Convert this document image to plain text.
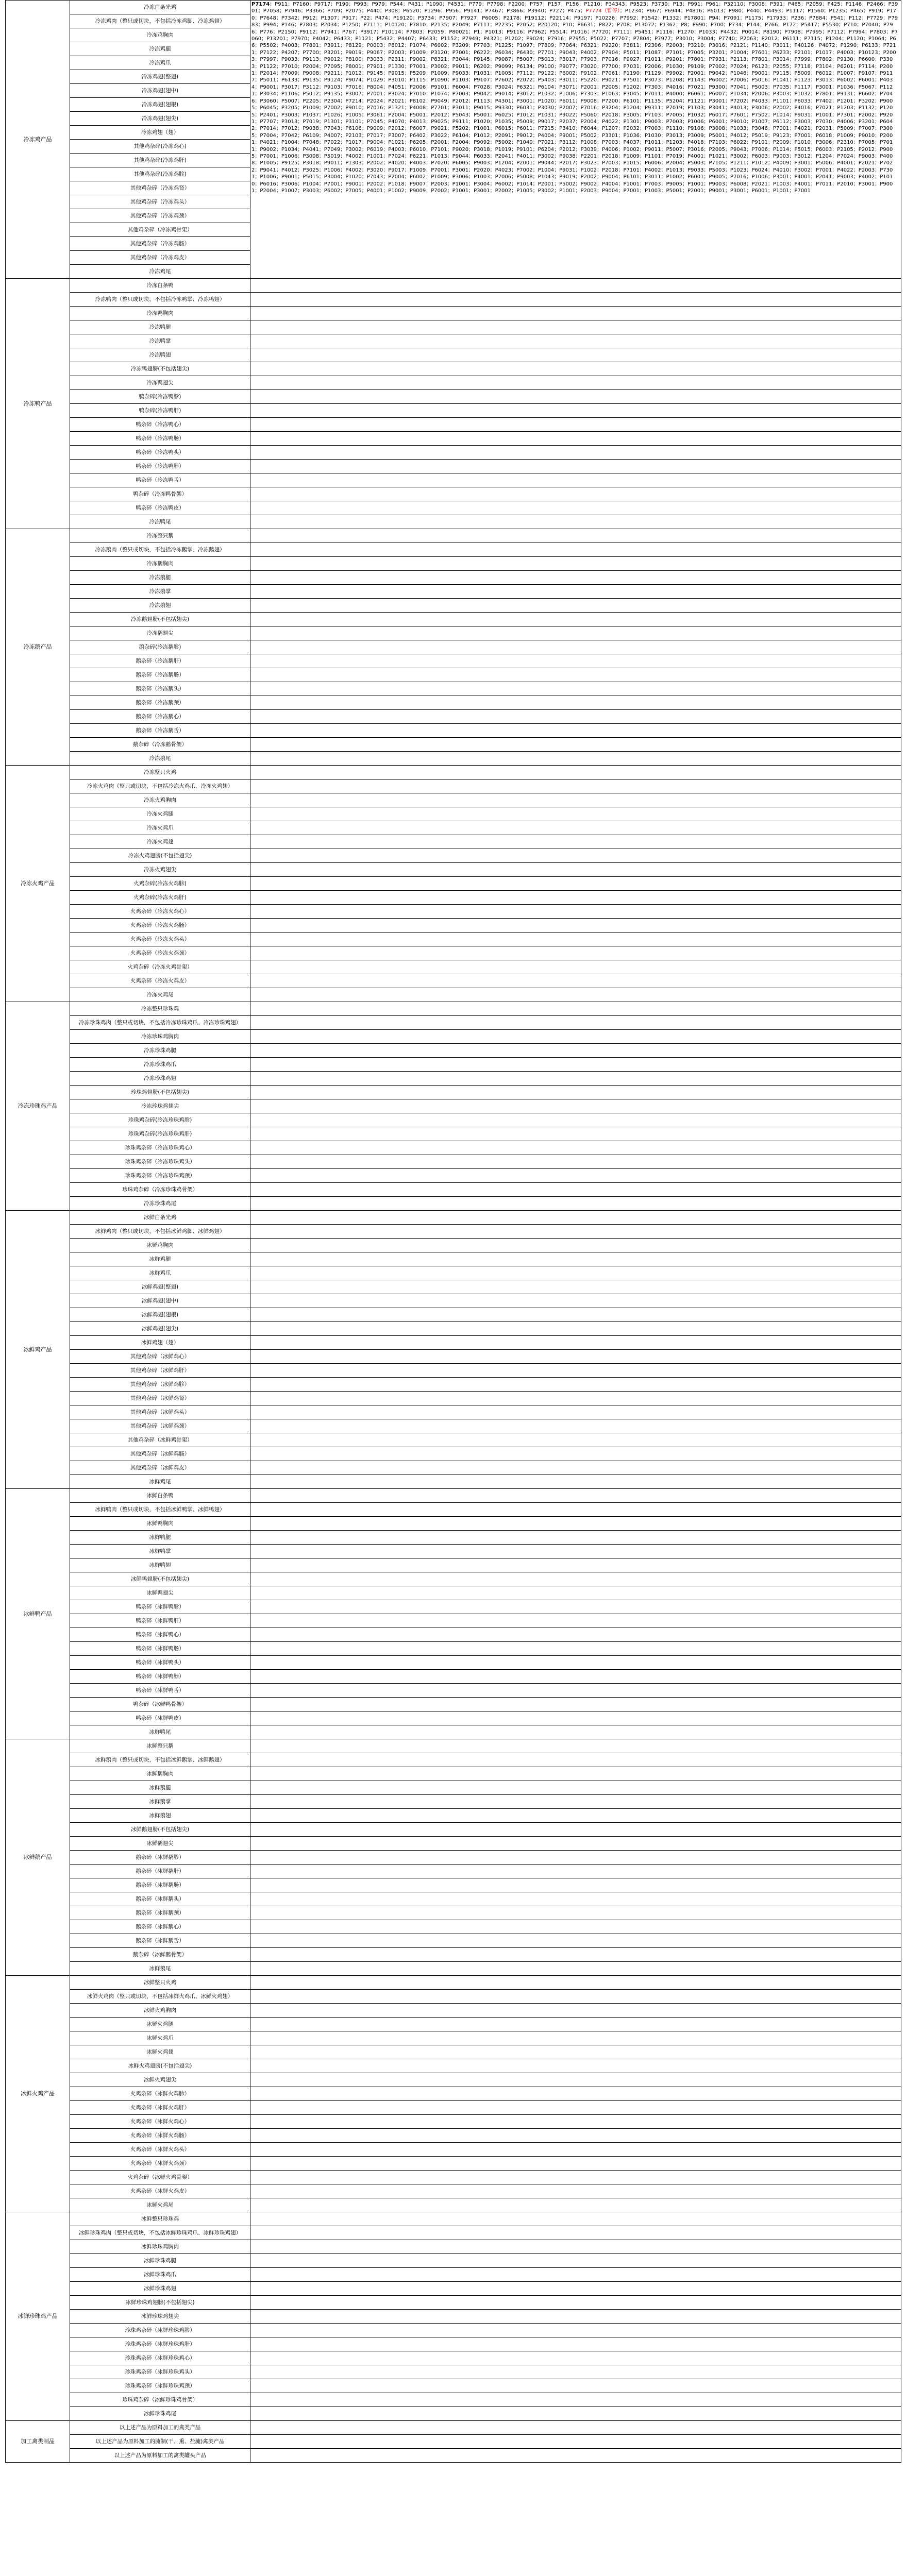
冷冻鸡产品	冷冻白条光鸡	P7174：P911；P7160；P9717；P190；P993；P979；P544；P431；P1090；P4531；P779；P7798；P2200；P757；P157；P156；P1210；P34343；P9523；P3730；P13；P991；P961；P32110；P3008；P391；P465；P2059；P425；P1146；P2466；P3901；P7058；P7946；P3366；P709；P2075；P440；P308；P6520；P1296；P956；P9141；P7467；P3866；P3940；P727；P475；P7774（暂停）；P1234；P667；P6944；P4816；P6013；P980；P440；P4493；P1117；P1560；P1235；P465；P919；P170；P7648；P7342；P912；P1307；P917；P22；P474；P19120；P3734；P7907；P7927；P6005；P2178；P19112；P22114；P9197；P10226；P7992；P1542；P1332；P17801；P94；P7091；P1175；P17933；P236；P7884；P541；P112；P7729；P7983；P994；P146；P7803；P2034；P1250；P7111；P10120；P7810；P2135；P2049；P7111；P2235；P2052；P20120；P10；P6631；P822；P708；P13072；P1362；P8；P990；P700；P734；P144；P766；P172；P5417；P5530；P710；P7040；P796；P776；P2150；P9112；P7941；P767；P3917；P10114；P7803；P2059；P80021；P1；P1013；P9116；P7962；P5514；P1016；P7720；P7111；P5451；P1116；P1270；P1033；P4432；P0014；P8190；P7908；P7995；P7112；P7994；P7803；P7060；P13201；P7970；P4042；P6433；P1121；P5432；P4407；P6433；P1152；P7949；P4321；P1202；P9024；P7916；P7955；P5022；P7707；P7804；P7977；P3010；P3004；P7740；P2063；P2012；P6111；P7115；P1204；P1120；P1064；P66；P5502；P4003；P7801；P3911；P8129；P0003；P8012；P1074；P6002；P3209；P7703；P1225；P1097；P7809；P7064；P6321；P9220；P3811；P2306；P2003；P3210；P3016；P2121；P1140；P3011；P40126；P4072；P1290；P6133；P7211；P7122；P4207；P7700；P3201；P9019；P9067；P2003；P1009；P3120；P7001；P6222；P6034；P6430；P7701；P9043；P4002；P7904；P5011；P1087；P7101；P7005；P3201；P1004；P7601；P6233；P2101；P1017；P4003；P10123；P2003；P7997；P9033；P9113；P9012；P8100；P3033；P2311；P9002；P8321；P3044；P9145；P9087；P5007；P5013；P3017；P7903；P7016；P9027；P1011；P9201；P7801；P7931；P2113；P7801；P3014；P7999；P7802；P9130；P6600；P3303；P1122；P7010；P2004；P7095；P8001；P7901；P1330；P7001；P3002；P9011；P6202；P9099；P6134；P9100；P9077；P3020；P7700；P7031；P2006；P1030；P9109；P7002；P7024；P6123；P2055；P7118；P3104；P6201；P7114；P2001；P2014；P7009；P9008；P9211；P1012；P9145；P9015；P5209；P1009；P9033；P1031；P1005；P7112；P9122；P6002；P9102；P7061；P1190；P1129；P9902；P2001；P9042；P1046；P9001；P9115；P5009；P6012；P1007；P9107；P9117；P5011；P6133；P9135；P9124；P9074；P1029；P3010；P1115；P1090；P1103；P9107；P7602；P2072；P5403；P3011；P5220；P9021；P7501；P3073；P1208；P1143；P6002；P7006；P5016；P1041；P1123；P3013；P6002；P6001；P4034；P9001；P3017；P3112；P9103；P7016；P8004；P4051；P2006；P9101；P6004；P7028；P3024；P6321；P6104；P3071；P2001；P2005；P1202；P7303；P4016；P7021；P9300；P7041；P5003；P7035；P1117；P3001；P1036；P5067；P1121；P3034；P1106；P5012；P9135；P3007；P7001；P3024；P7010；P1074；P7003；P9042；P9014；P3012；P1032；P1006；P7303；P1063；P3045；P7011；P4000；P6061；P6007；P1034；P2006；P3003；P1032；P7801；P9131；P6602；P7046；P3060；P5007；P2205；P2304；P7214；P2024；P2021；P8102；P9049；P2012；P1113；P4301；P3001；P1020；P6011；P9008；P7200；P6101；P1135；P5204；P1121；P3001；P7202；P4033；P1101；P6033；P7402；P1201；P3202；P9005；P6045；P3205；P1009；P7002；P9010；P7016；P1321；P4008；P7701；P3011；P9015；P9330；P6031；P3030；P2007；P7016；P3204；P1204；P9311；P7019；P1103；P3041；P4013；P3006；P2002；P4016；P7021；P1203；P1132；P1205；P2401；P3003；P1037；P1026；P1005；P3061；P2004；P5001；P2012；P5043；P5001；P6025；P1012；P1031；P9022；P5060；P2018；P3005；P7103；P7005；P1032；P6017；P7601；P7502；P1014；P9031；P1001；P7301；P2002；P9201；P7707；P3013；P7019；P1301；P3101；P7045；P4070；P4013；P9025；P9111；P1020；P1035；P5009；P9017；P2037；P2004；P4022；P1301；P9003；P7003；P1006；P6001；P9010；P1007；P6112；P3003；P7030；P4006；P3201；P6042；P7014；P7012；P9038；P7043；P6106；P9009；P2012；P6007；P9021；P5202；P1001；P6015；P6011；P7215；P3410；P6044；P1207；P2032；P7003；P1110；P9106；P3008；P1033；P3046；P7001；P4021；P2031；P5009；P7007；P3005；P7004；P7042；P6109；P4007；P2103；P7017；P3007；P6402；P3022；P6104；P1012；P2091；P9012；P4004；P9001；P5002；P3301；P1036；P1030；P3013；P3009；P5001；P4012；P5019；P9123；P7001；P6018；P1009；P9010；P2001；P4021；P1004；P7048；P7022；P1017；P9004；P1021；P6205；P2001；P2004；P9092；P5002；P1040；P7021；P3112；P1008；P7003；P4037；P1011；P1203；P4018；P7103；P6022；P9101；P2009；P1010；P3006；P2310；P7005；P7011；P9002；P1034；P4041；P7049；P3002；P6019；P4003；P6010；P7101；P9020；P3018；P1019；P9101；P6204；P2012；P3039；P4006；P1002；P9011；P5007；P3016；P2005；P9043；P7006；P1014；P5015；P6003；P2105；P2012；P9005；P7001；P1006；P3008；P5019；P4002；P1001；P7024；P6221；P1013；P9044；P6033；P2041；P4011；P3002；P9038；P2201；P2018；P1009；P1101；P7019；P4001；P1021；P3002；P6003；P9003；P3012；P1204；P7024；P9003；P4008；P1005；P9125；P3018；P9011；P1303；P2002；P4020；P4003；P7020；P6005；P9003；P1204；P2001；P9044；P2017；P3023；P7003；P1015；P6006；P2004；P5003；P7105；P1211；P1012；P4009；P3001；P5006；P4001；P2021；P7022；P9041；P4012；P3025；P1006；P4002；P3020；P9017；P1009；P7001；P3001；P2020；P4023；P7002；P1004；P9031；P1002；P2018；P7101；P4002；P1013；P9033；P5003；P1023；P6024；P4010；P3002；P7001；P4022；P2003；P7301；P1006；P9001；P5015；P3004；P1020；P7043；P2004；P6002；P1009；P3006；P1003；P7006；P5008；P1043；P9019；P2002；P9004；P6101；P3011；P1002；P6001；P9005；P7016；P1006；P3001；P4001；P2041；P9003；P4002；P1010；P6016；P3006；P1004；P7001；P9001；P2002；P1018；P9007；P2003；P1001；P3004；P6002；P1014；P2001；P5002；P9002；P4004；P1001；P7003；P9005；P1001；P9003；P6008；P2021；P1003；P4001；P7011；P2010；P3001；P9001；P2004；P1007；P3003；P6002；P7005；P4001；P1002；P9009；P7002；P1001；P3001；P2002；P1005；P3002；P1001；P2003；P9004；P7001；P1003；P5001；P2001；P9001；P3001；P6001；P1001；P7001
	冷冻鸡肉（整只或切块，不包括冷冻鸡脚、冷冻鸡翅）	
	冷冻鸡胸肉	
	冷冻鸡腿	
	冷冻鸡爪	
	冷冻鸡翅(整翅)	
	冷冻鸡翅(翅中)	
	冷冻鸡翅(翅根)	
	冷冻鸡翅(翅尖)	
	冷冻鸡翅（翅）	
	其他鸡杂碎(冷冻鸡心)	
	其他鸡杂碎(冷冻鸡肝)	
	其他鸡杂碎(冷冻鸡胗)	
	其他鸡杂碎（冷冻鸡肾）	
	其他鸡杂碎（冷冻鸡头）	
	其他鸡杂碎（冷冻鸡颈）	
	其他鸡杂碎（冷冻鸡骨架）	
	其他鸡杂碎（冷冻鸡肠）	
	其他鸡杂碎（冷冻鸡皮）	
	冷冻鸡尾	
冷冻鸭产品	冷冻白条鸭	
	冷冻鸭肉（整只或切块，不包括冷冻鸭掌、冷冻鸭翅）	
	冷冻鸭胸肉	
	冷冻鸭腿	
	冷冻鸭掌	
	冷冻鸭翅	
	冷冻鸭翅膀(不包括翅尖)	
	冷冻鸭翅尖	
	鸭杂碎(冷冻鸭胗)	
	鸭杂碎(冷冻鸭肝)	
	鸭杂碎（冷冻鸭心）	
	鸭杂碎（冷冻鸭肠）	
	鸭杂碎（冷冻鸭头）	
	鸭杂碎（冷冻鸭脖）	
	鸭杂碎（冷冻鸭舌）	
	鸭杂碎（冷冻鸭骨架）	
	鸭杂碎（冷冻鸭皮）	
	冷冻鸭尾	
冷冻鹅产品	冷冻整只鹅	
	冷冻鹅肉（整只或切块，不包括冷冻鹅掌、冷冻鹅翅）	
	冷冻鹅胸肉	
	冷冻鹅腿	
	冷冻鹅掌	
	冷冻鹅翅	
	冷冻鹅翅膀(不包括翅尖)	
	冷冻鹅翅尖	
	鹅杂碎(冷冻鹅胗)	
	鹅杂碎（冷冻鹅肝）	
	鹅杂碎（冷冻鹅肠）	
	鹅杂碎（冷冻鹅头）	
	鹅杂碎（冷冻鹅颈）	
	鹅杂碎（冷冻鹅心）	
	鹅杂碎（冷冻鹅舌）	
	鹅杂碎（冷冻鹅骨架）	
	冷冻鹅尾	
冷冻火鸡产品	冷冻整只火鸡	
	冷冻火鸡肉（整只或切块，不包括冷冻火鸡爪、冷冻火鸡翅）	
	冷冻火鸡胸肉	
	冷冻火鸡腿	
	冷冻火鸡爪	
	冷冻火鸡翅	
	冷冻火鸡翅膀(不包括翅尖)	
	冷冻火鸡翅尖	
	火鸡杂碎(冷冻火鸡胗)	
	火鸡杂碎(冷冻火鸡肝)	
	火鸡杂碎（冷冻火鸡心）	
	火鸡杂碎（冷冻火鸡肠）	
	火鸡杂碎（冷冻火鸡头）	
	火鸡杂碎（冷冻火鸡颈）	
	火鸡杂碎（冷冻火鸡骨架）	
	火鸡杂碎（冷冻火鸡皮）	
	冷冻火鸡尾	
冷冻珍珠鸡产品	冷冻整只珍珠鸡	
	冷冻珍珠鸡肉（整只或切块，不包括冷冻珍珠鸡爪、冷冻珍珠鸡翅）	
	冷冻珍珠鸡胸肉	
	冷冻珍珠鸡腿	
	冷冻珍珠鸡爪	
	冷冻珍珠鸡翅	
	珍珠鸡翅膀(不包括翅尖)	
	冷冻珍珠鸡翅尖	
	珍珠鸡杂碎(冷冻珍珠鸡胗)	
	珍珠鸡杂碎(冷冻珍珠鸡肝)	
	珍珠鸡杂碎（冷冻珍珠鸡心）	
	珍珠鸡杂碎（冷冻珍珠鸡头）	
	珍珠鸡杂碎（冷冻珍珠鸡颈）	
	珍珠鸡杂碎（冷冻珍珠鸡骨架）	
	冷冻珍珠鸡尾	
冰鲜鸡产品	冰鲜白条光鸡	
	冰鲜鸡肉（整只或切块，不包括冰鲜鸡脚、冰鲜鸡翅）	
	冰鲜鸡胸肉	
	冰鲜鸡腿	
	冰鲜鸡爪	
	冰鲜鸡翅(整翅)	
	冰鲜鸡翅(翅中)	
	冰鲜鸡翅(翅根)	
	冰鲜鸡翅(翅尖)	
	冰鲜鸡翅（翅）	
	其他鸡杂碎（冰鲜鸡心）	
	其他鸡杂碎（冰鲜鸡肝）	
	其他鸡杂碎（冰鲜鸡胗）	
	其他鸡杂碎（冰鲜鸡肾）	
	其他鸡杂碎（冰鲜鸡头）	
	其他鸡杂碎（冰鲜鸡颈）	
	其他鸡杂碎（冰鲜鸡骨架）	
	其他鸡杂碎（冰鲜鸡肠）	
	其他鸡杂碎（冰鲜鸡皮）	
	冰鲜鸡尾	
冰鲜鸭产品	冰鲜白条鸭	
	冰鲜鸭肉（整只或切块，不包括冰鲜鸭掌、冰鲜鸭翅）	
	冰鲜鸭胸肉	
	冰鲜鸭腿	
	冰鲜鸭掌	
	冰鲜鸭翅	
	冰鲜鸭翅膀(不包括翅尖)	
	冰鲜鸭翅尖	
	鸭杂碎（冰鲜鸭胗）	
	鸭杂碎（冰鲜鸭肝）	
	鸭杂碎（冰鲜鸭心）	
	鸭杂碎（冰鲜鸭肠）	
	鸭杂碎（冰鲜鸭头）	
	鸭杂碎（冰鲜鸭脖）	
	鸭杂碎（冰鲜鸭舌）	
	鸭杂碎（冰鲜鸭骨架）	
	鸭杂碎（冰鲜鸭皮）	
	冰鲜鸭尾	
冰鲜鹅产品	冰鲜整只鹅	
	冰鲜鹅肉（整只或切块，不包括冰鲜鹅掌、冰鲜鹅翅）	
	冰鲜鹅胸肉	
	冰鲜鹅腿	
	冰鲜鹅掌	
	冰鲜鹅翅	
	冰鲜鹅翅膀(不包括翅尖)	
	冰鲜鹅翅尖	
	鹅杂碎（冰鲜鹅胗）	
	鹅杂碎（冰鲜鹅肝）	
	鹅杂碎（冰鲜鹅肠）	
	鹅杂碎（冰鲜鹅头）	
	鹅杂碎（冰鲜鹅颈）	
	鹅杂碎（冰鲜鹅心）	
	鹅杂碎（冰鲜鹅舌）	
	鹅杂碎（冰鲜鹅骨架）	
	冰鲜鹅尾	
冰鲜火鸡产品	冰鲜整只火鸡	
	冰鲜火鸡肉（整只或切块，不包括冰鲜火鸡爪、冰鲜火鸡翅）	
	冰鲜火鸡胸肉	
	冰鲜火鸡腿	
	冰鲜火鸡爪	
	冰鲜火鸡翅	
	冰鲜火鸡翅膀(不包括翅尖)	
	冰鲜火鸡翅尖	
	火鸡杂碎（冰鲜火鸡胗）	
	火鸡杂碎（冰鲜火鸡肝）	
	火鸡杂碎（冰鲜火鸡心）	
	火鸡杂碎（冰鲜火鸡肠）	
	火鸡杂碎（冰鲜火鸡头）	
	火鸡杂碎（冰鲜火鸡颈）	
	火鸡杂碎（冰鲜火鸡骨架）	
	火鸡杂碎（冰鲜火鸡皮）	
	冰鲜火鸡尾	
冰鲜珍珠鸡产品	冰鲜整只珍珠鸡	
	冰鲜珍珠鸡肉（整只或切块，不包括冰鲜珍珠鸡爪、冰鲜珍珠鸡翅）	
	冰鲜珍珠鸡胸肉	
	冰鲜珍珠鸡腿	
	冰鲜珍珠鸡爪	
	冰鲜珍珠鸡翅	
	冰鲜珍珠鸡翅膀(不包括翅尖)	
	冰鲜珍珠鸡翅尖	
	珍珠鸡杂碎（冰鲜珍珠鸡胗）	
	珍珠鸡杂碎（冰鲜珍珠鸡肝）	
	珍珠鸡杂碎（冰鲜珍珠鸡心）	
	珍珠鸡杂碎（冰鲜珍珠鸡头）	
	珍珠鸡杂碎（冰鲜珍珠鸡颈）	
	珍珠鸡杂碎（冰鲜珍珠鸡骨架）	
	冰鲜珍珠鸡尾	
加工禽类制品	以上述产品为原料加工的禽类产品	
	以上述产品为原料加工的腌制(干、熏、盐腌)禽类产品	
	以上述产品为原料加工的禽类罐头产品	
